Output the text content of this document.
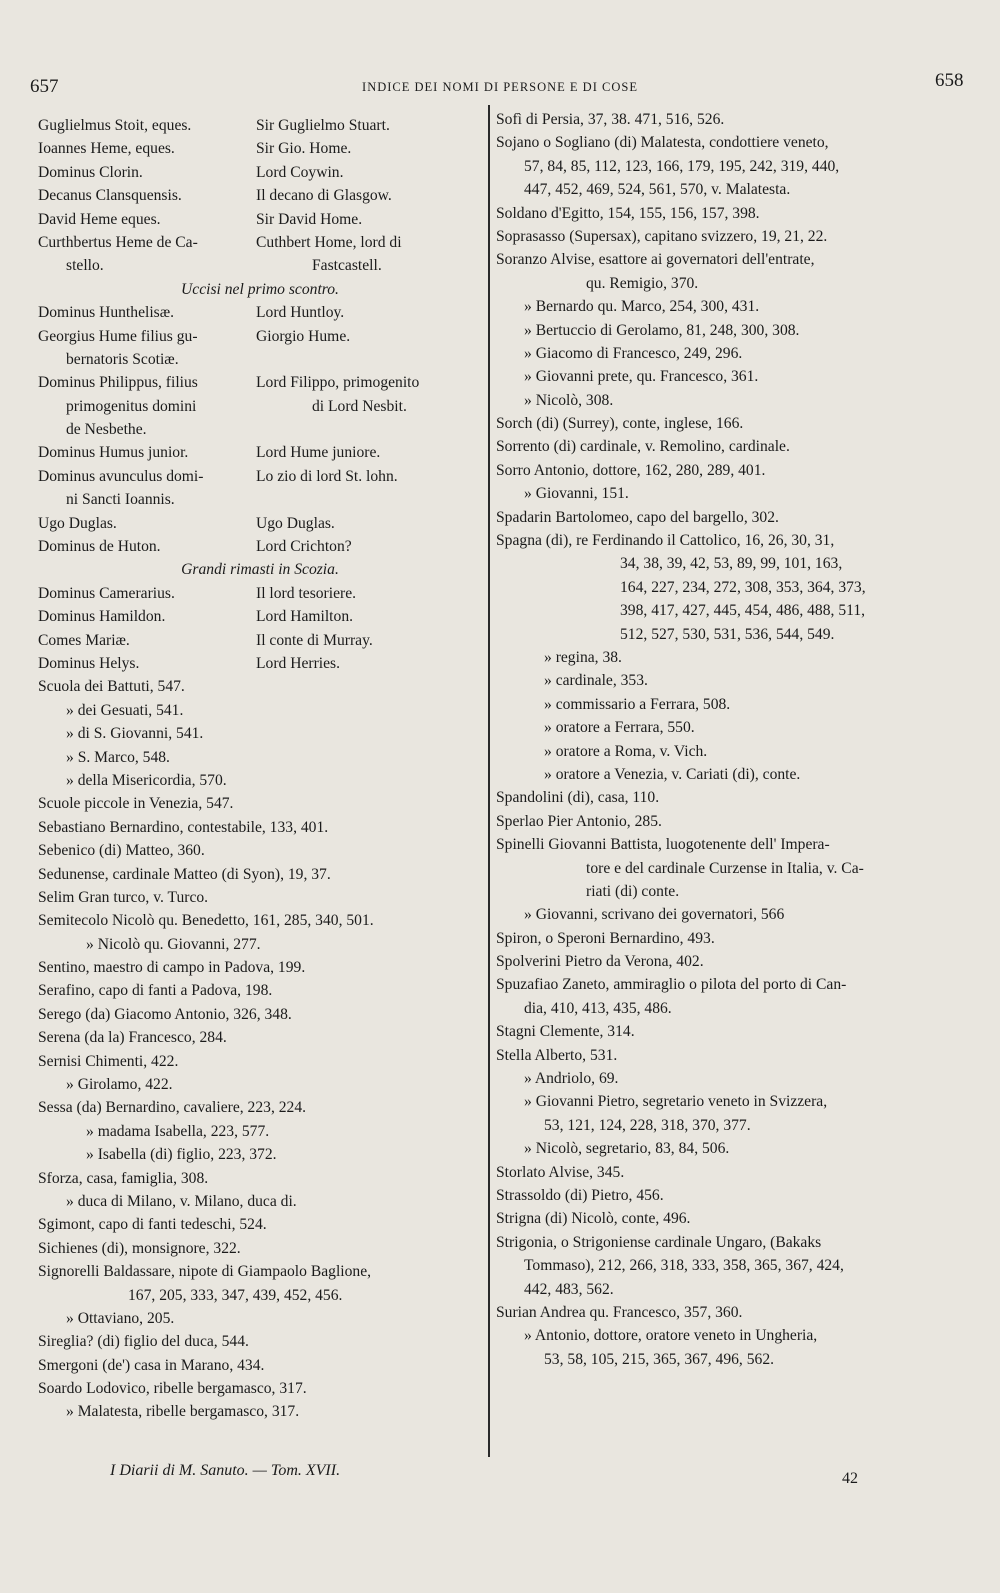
657	INDICE DEI NOMI DI PERSONE E DI COSE	658
Guglielmus Stoit, eques.	Sir Guglielmo Stuart.
Ioannes Heme, eques.	Sir Gio. Home.
Dominus Clorin.	Lord Coywin.
Decanus Clansquensis.	Il decano di Glasgow.
David Heme eques.	Sir David Home.
Curthbertus Heme de Ca-	Cuthbert Home, lord di
stello.	Fastcastell.
Uccisi nel primo scontro.
Dominus Hunthelisæ.	Lord Huntloy.
Georgius Hume filius gu-	Giorgio Hume.
bernatoris Scotiæ.
Dominus Philippus, filius	Lord Filippo, primogenito
primogenitus domini	di Lord Nesbit.
de Nesbethe.
Dominus Humus junior.	Lord Hume juniore.
Dominus avunculus domi-	Lo zio di lord St. lohn.
ni Sancti Ioannis.
Ugo Duglas.	Ugo Duglas.
Dominus de Huton.	Lord Crichton?
Grandi rimasti in Scozia.
Dominus Camerarius.	Il lord tesoriere.
Dominus Hamildon.	Lord Hamilton.
Comes Mariæ.	Il conte di Murray.
Dominus Helys.	Lord Herries.
Scuola dei Battuti, 547.
» dei Gesuati, 541.
» di S. Giovanni, 541.
» S. Marco, 548.
» della Misericordia, 570.
Scuole piccole in Venezia, 547.
Sebastiano Bernardino, contestabile, 133, 401.
Sebenico (di) Matteo, 360.
Sedunense, cardinale Matteo (di Syon), 19, 37.
Selim Gran turco, v. Turco.
Semitecolo Nicolò qu. Benedetto, 161, 285, 340, 501.
» Nicolò qu. Giovanni, 277.
Sentino, maestro di campo in Padova, 199.
Serafino, capo di fanti a Padova, 198.
Serego (da) Giacomo Antonio, 326, 348.
Serena (da la) Francesco, 284.
Sernisi Chimenti, 422.
» Girolamo, 422.
Sessa (da) Bernardino, cavaliere, 223, 224.
» madama Isabella, 223, 577.
» Isabella (di) figlio, 223, 372.
Sforza, casa, famiglia, 308.
» duca di Milano, v. Milano, duca di.
Sgimont, capo di fanti tedeschi, 524.
Sichienes (di), monsignore, 322.
Signorelli Baldassare, nipote di Giampaolo Baglione,
167, 205, 333, 347, 439, 452, 456.
» Ottaviano, 205.
Sireglia? (di) figlio del duca, 544.
Smergoni (de') casa in Marano, 434.
Soardo Lodovico, ribelle bergamasco, 317.
» Malatesta, ribelle bergamasco, 317.
Sofì di Persia, 37, 38. 471, 516, 526.
Sojano o Sogliano (di) Malatesta, condottiere veneto,
57, 84, 85, 112, 123, 166, 179, 195, 242, 319, 440,
447, 452, 469, 524, 561, 570, v. Malatesta.
Soldano d'Egitto, 154, 155, 156, 157, 398.
Soprasasso (Supersax), capitano svizzero, 19, 21, 22.
Soranzo Alvise, esattore ai governatori dell'entrate,
qu. Remigio, 370.
» Bernardo qu. Marco, 254, 300, 431.
» Bertuccio di Gerolamo, 81, 248, 300, 308.
» Giacomo di Francesco, 249, 296.
» Giovanni prete, qu. Francesco, 361.
» Nicolò, 308.
Sorch (di) (Surrey), conte, inglese, 166.
Sorrento (di) cardinale, v. Remolino, cardinale.
Sorro Antonio, dottore, 162, 280, 289, 401.
» Giovanni, 151.
Spadarin Bartolomeo, capo del bargello, 302.
Spagna (di), re Ferdinando il Cattolico, 16, 26, 30, 31,
34, 38, 39, 42, 53, 89, 99, 101, 163,
164, 227, 234, 272, 308, 353, 364, 373,
398, 417, 427, 445, 454, 486, 488, 511,
512, 527, 530, 531, 536, 544, 549.
» regina, 38.
» cardinale, 353.
» commissario a Ferrara, 508.
» oratore a Ferrara, 550.
» oratore a Roma, v. Vich.
» oratore a Venezia, v. Cariati (di), conte.
Spandolini (di), casa, 110.
Sperlao Pier Antonio, 285.
Spinelli Giovanni Battista, luogotenente dell' Impera-
tore e del cardinale Curzense in Italia, v. Ca-
riati (di) conte.
» Giovanni, scrivano dei governatori, 566
Spiron, o Speroni Bernardino, 493.
Spolverini Pietro da Verona, 402.
Spuzafiao Zaneto, ammiraglio o pilota del porto di Can-
dia, 410, 413, 435, 486.
Stagni Clemente, 314.
Stella Alberto, 531.
» Andriolo, 69.
» Giovanni Pietro, segretario veneto in Svizzera,
53, 121, 124, 228, 318, 370, 377.
» Nicolò, segretario, 83, 84, 506.
Storlato Alvise, 345.
Strassoldo (di) Pietro, 456.
Strigna (di) Nicolò, conte, 496.
Strigonia, o Strigoniense cardinale Ungaro, (Bakaks
Tommaso), 212, 266, 318, 333, 358, 365, 367, 424,
442, 483, 562.
Surian Andrea qu. Francesco, 357, 360.
» Antonio, dottore, oratore veneto in Ungheria,
53, 58, 105, 215, 365, 367, 496, 562.
I Diarii di M. Sanuto. — Tom. XVII.	42
